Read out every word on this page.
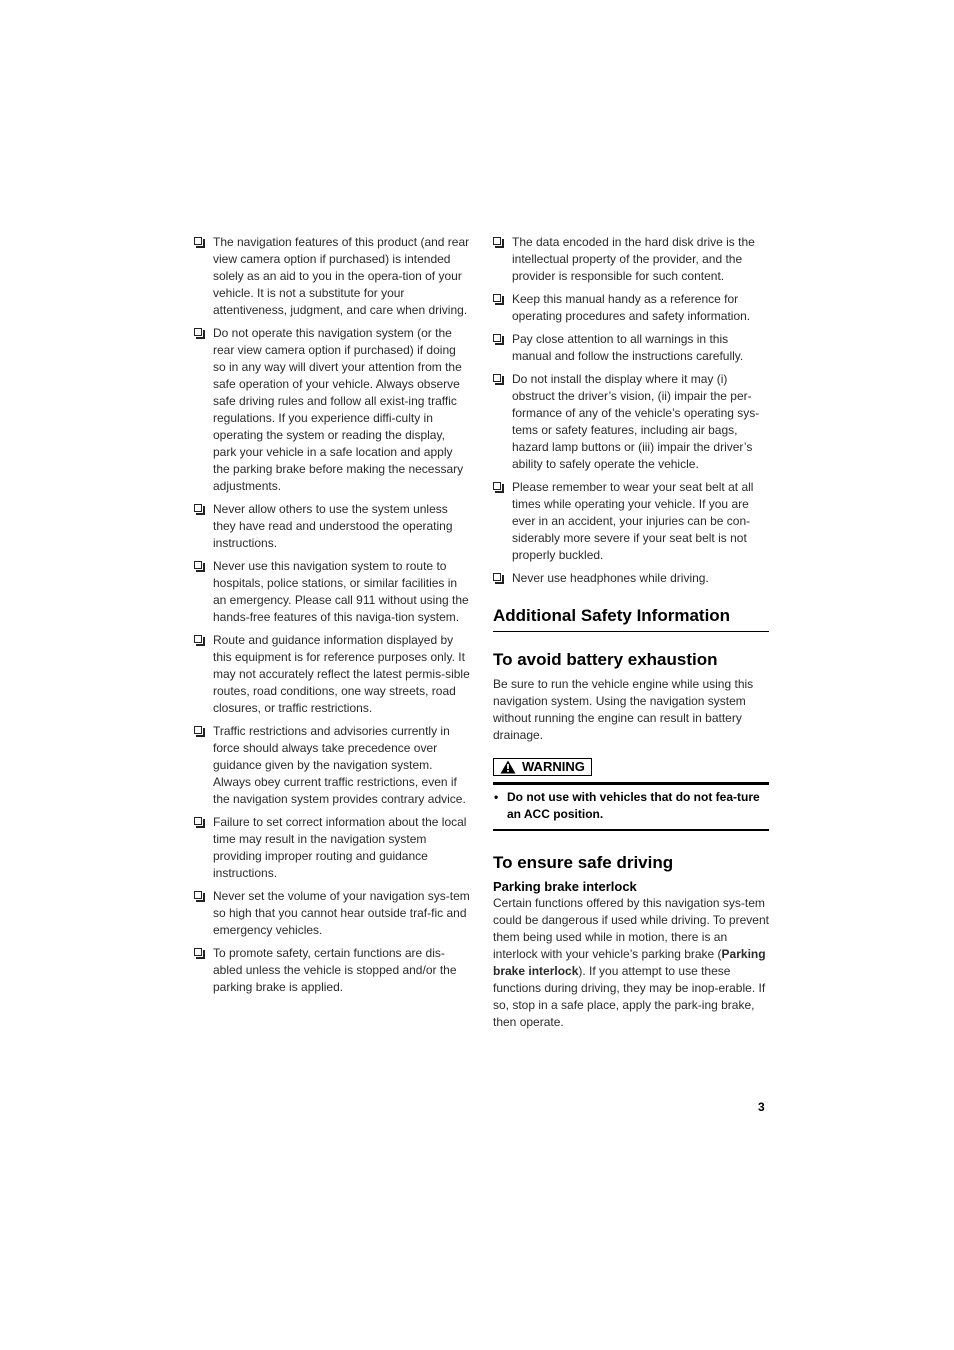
The navigation features of this product (and rear view camera option if purchased) is intended solely as an aid to you in the opera-tion of your vehicle. It is not a substitute for your attentiveness, judgment, and care when driving.
Do not operate this navigation system (or the rear view camera option if purchased) if doing so in any way will divert your attention from the safe operation of your vehicle. Always observe safe driving rules and follow all exist-ing traffic regulations. If you experience diffi-culty in operating the system or reading the display, park your vehicle in a safe location and apply the parking brake before making the necessary adjustments.
Never allow others to use the system unless they have read and understood the operating instructions.
Never use this navigation system to route to hospitals, police stations, or similar facilities in an emergency. Please call 911 without using the hands-free features of this naviga-tion system.
Route and guidance information displayed by this equipment is for reference purposes only. It may not accurately reflect the latest permis-sible routes, road conditions, one way streets, road closures, or traffic restrictions.
Traffic restrictions and advisories currently in force should always take precedence over guidance given by the navigation system. Always obey current traffic restrictions, even if the navigation system provides contrary advice.
Failure to set correct information about the local time may result in the navigation system providing improper routing and guidance instructions.
Never set the volume of your navigation sys-tem so high that you cannot hear outside traf-fic and emergency vehicles.
To promote safety, certain functions are dis-abled unless the vehicle is stopped and/or the parking brake is applied.
The data encoded in the hard disk drive is the intellectual property of the provider, and the provider is responsible for such content.
Keep this manual handy as a reference for operating procedures and safety information.
Pay close attention to all warnings in this manual and follow the instructions carefully.
Do not install the display where it may (i) obstruct the driver’s vision, (ii) impair the per-formance of any of the vehicle’s operating sys-tems or safety features, including air bags, hazard lamp buttons or (iii) impair the driver’s ability to safely operate the vehicle.
Please remember to wear your seat belt at all times while operating your vehicle. If you are ever in an accident, your injuries can be con-siderably more severe if your seat belt is not properly buckled.
Never use headphones while driving.
Additional Safety Information
To avoid battery exhaustion

Be sure to run the vehicle engine while using this navigation system. Using the navigation system without running the engine can result in battery drainage.

WARNING
• Do not use with vehicles that do not fea-ture an ACC position.
To ensure safe driving
Parking brake interlock

Certain functions offered by this navigation sys-tem could be dangerous if used while driving. To prevent them being used while in motion, there is an interlock with your vehicle’s parking brake (Parking brake interlock). If you attempt to use these functions during driving, they may be inop-erable. If so, stop in a safe place, apply the park-ing brake, then operate.

3
